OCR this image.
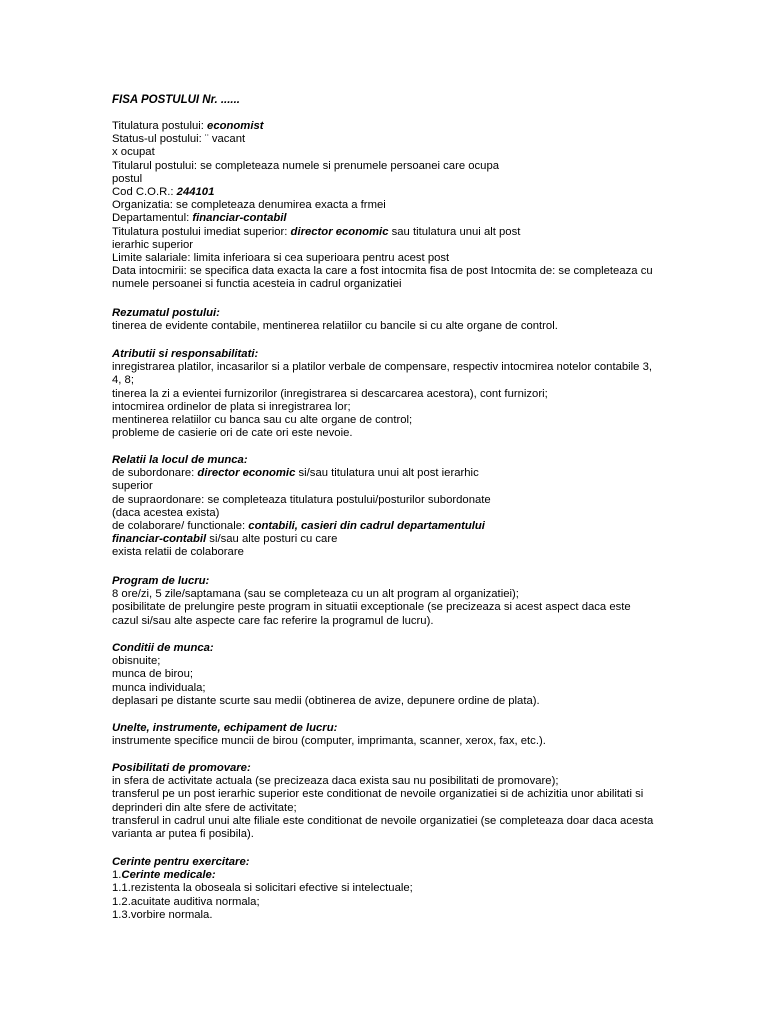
FISA POSTULUI Nr. ......
Titulatura postului: economist
Status-ul postului: ¨ vacant
x ocupat
Titularul postului: se completeaza numele si prenumele persoanei care ocupa
postul
Cod C.O.R.: 244101
Organizatia: se completeaza denumirea exacta a frmei
Departamentul: financiar-contabil
Titulatura postului imediat superior: director economic sau titulatura unui alt post
ierarhic superior
Limite salariale: limita inferioara si cea superioara pentru acest post
Data intocmirii: se specifica data exacta la care a fost intocmita fisa de post Intocmita de: se completeaza cu
numele persoanei si functia acesteia in cadrul organizatiei
Rezumatul postului:
tinerea de evidente contabile, mentinerea relatiilor cu bancile si cu alte organe de control.
Atributii si responsabilitati:
inregistrarea platilor, incasarilor si a platilor verbale de compensare, respectiv intocmirea notelor contabile 3,
4, 8;
tinerea la zi a evientei furnizorilor (inregistrarea si descarcarea acestora), cont furnizori;
intocmirea ordinelor de plata si inregistrarea lor;
mentinerea relatiilor cu banca sau cu alte organe de control;
probleme de casierie ori de cate ori este nevoie.
Relatii la locul de munca:
de subordonare: director economic si/sau titulatura unui alt post ierarhic
superior
de supraordonare: se completeaza titulatura postului/posturilor subordonate
(daca acestea exista)
de colaborare/ functionale: contabili, casieri din cadrul departamentului
financiar-contabil si/sau alte posturi cu care
exista relatii de colaborare
Program de lucru:
8 ore/zi, 5 zile/saptamana (sau se completeaza cu un alt program al organizatiei);
posibilitate de prelungire peste program in situatii exceptionale (se precizeaza si acest aspect daca este
cazul si/sau alte aspecte care fac referire la programul de lucru).
Conditii de munca:
obisnuite;
munca de birou;
munca individuala;
deplasari pe distante scurte sau medii (obtinerea de avize, depunere ordine de plata).
Unelte, instrumente, echipament de lucru:
instrumente specifice muncii de birou (computer, imprimanta, scanner, xerox, fax, etc.).
Posibilitati de promovare:
in sfera de activitate actuala (se precizeaza daca exista sau nu posibilitati de promovare);
transferul pe un post ierarhic superior este conditionat de nevoile organizatiei si de achizitia unor abilitati si
deprinderi din alte sfere de activitate;
transferul in cadrul unui alte filiale este conditionat de nevoile organizatiei (se completeaza doar daca acesta
varianta ar putea fi posibila).
Cerinte pentru exercitare:
1.Cerinte medicale:
1.1.rezistenta la oboseala si solicitari efective si intelectuale;
1.2.acuitate auditiva normala;
1.3.vorbire normala.
